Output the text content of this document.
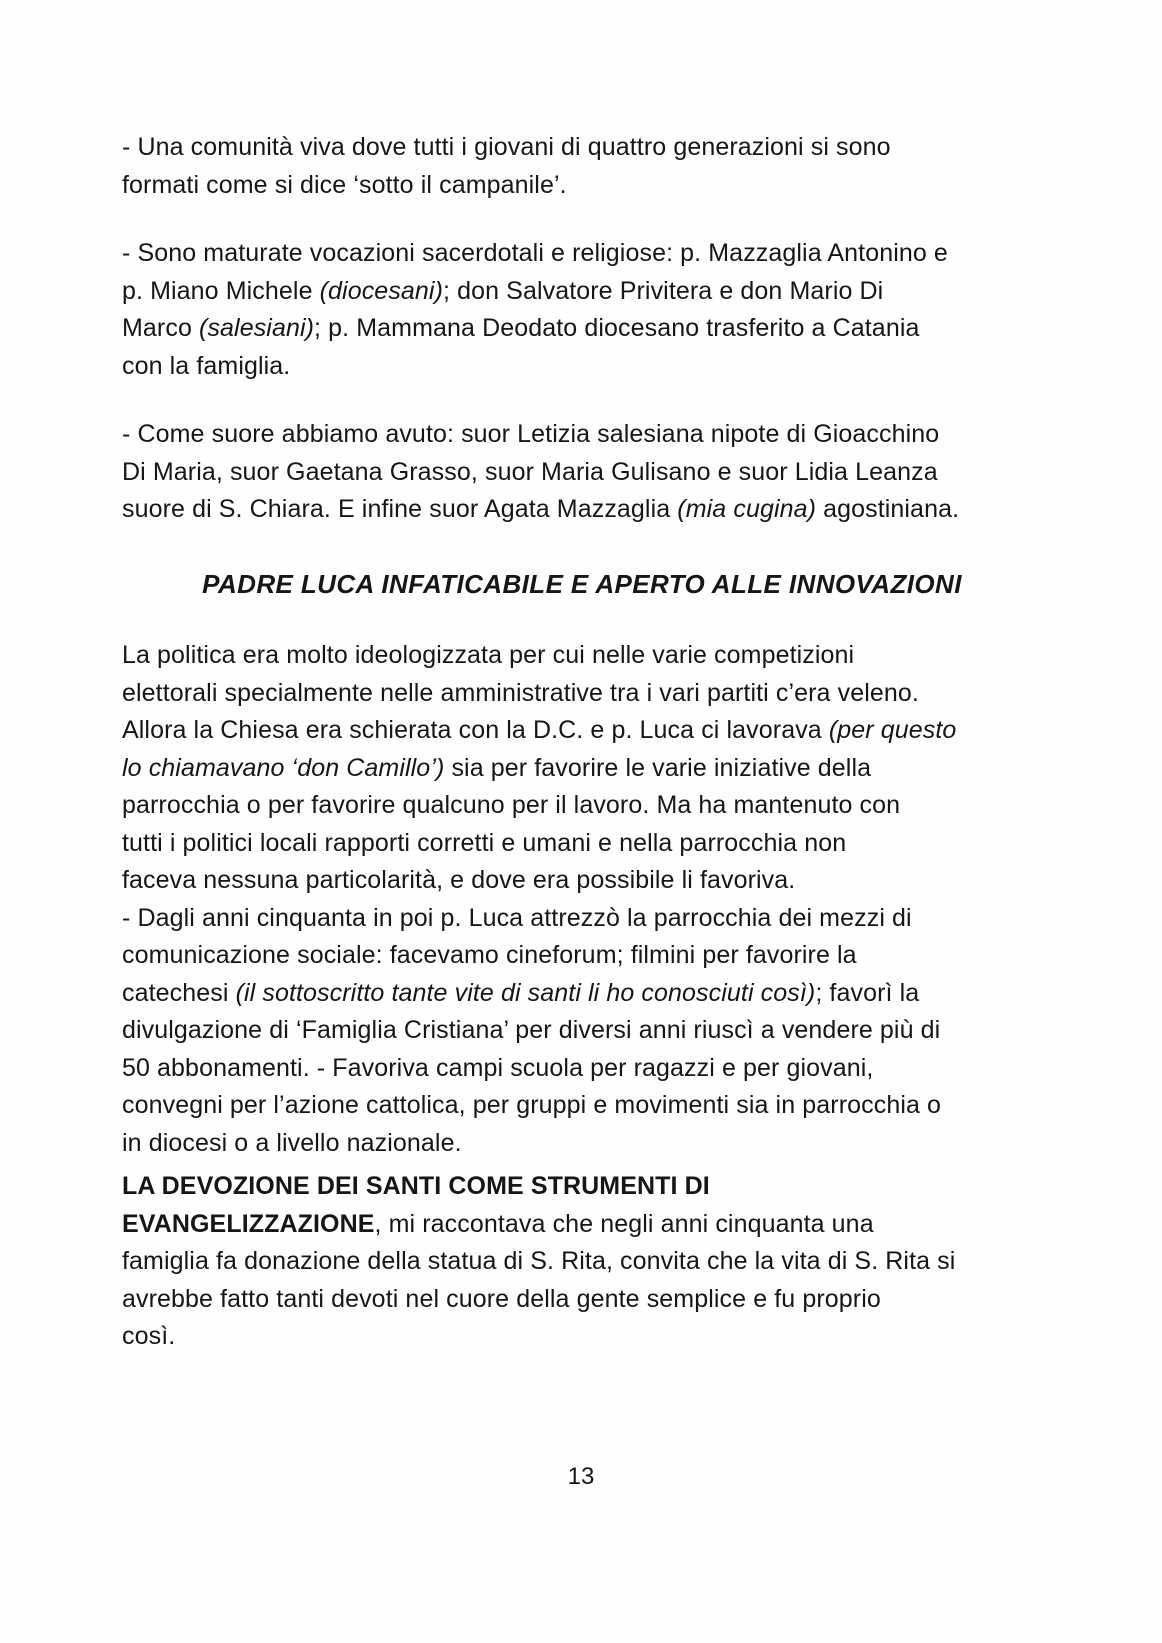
- Una comunità viva dove tutti i giovani di quattro generazioni si sono

formati come si dice ‘sotto il campanile’.

- Sono maturate vocazioni sacerdotali e religiose: p. Mazzaglia Antonino e

p. Miano Michele (diocesani); don Salvatore Privitera e don Mario Di

Marco (salesiani); p. Mammana Deodato diocesano trasferito a Catania

con la famiglia.

- Come suore abbiamo avuto: suor Letizia salesiana nipote di Gioacchino

Di Maria, suor Gaetana Grasso, suor Maria Gulisano e suor Lidia Leanza

suore di S. Chiara. E infine suor Agata Mazzaglia (mia cugina) agostiniana.

PADRE LUCA INFATICABILE E APERTO ALLE INNOVAZIONI

La politica era molto ideologizzata per cui nelle varie competizioni

elettorali specialmente nelle amministrative tra i vari partiti c’era veleno.

Allora la Chiesa era schierata con la D.C. e p. Luca ci lavorava (per questo

lo chiamavano ‘don Camillo’) sia per favorire le varie iniziative della

parrocchia o per favorire qualcuno per il lavoro. Ma ha mantenuto con

tutti i politici locali rapporti corretti e umani e nella parrocchia non

faceva nessuna particolarità, e dove era possibile li favoriva.

- Dagli anni cinquanta in poi p. Luca attrezzò la parrocchia dei mezzi di

comunicazione sociale: facevamo cineforum; filmini per favorire la

catechesi (il sottoscritto tante vite di santi li ho conosciuti così); favorì la

divulgazione di ‘Famiglia Cristiana’ per diversi anni riuscì a vendere più di

50 abbonamenti. - Favoriva campi scuola per ragazzi e per giovani,

convegni per l’azione cattolica, per gruppi e movimenti sia in parrocchia o

in diocesi o a livello nazionale.

LA DEVOZIONE DEI SANTI COME STRUMENTI DI

EVANGELIZZAZIONE, mi raccontava che negli anni cinquanta una

famiglia fa donazione della statua di S. Rita, convita che la vita di S. Rita si

avrebbe fatto tanti devoti nel cuore della gente semplice e fu proprio

così.

13
